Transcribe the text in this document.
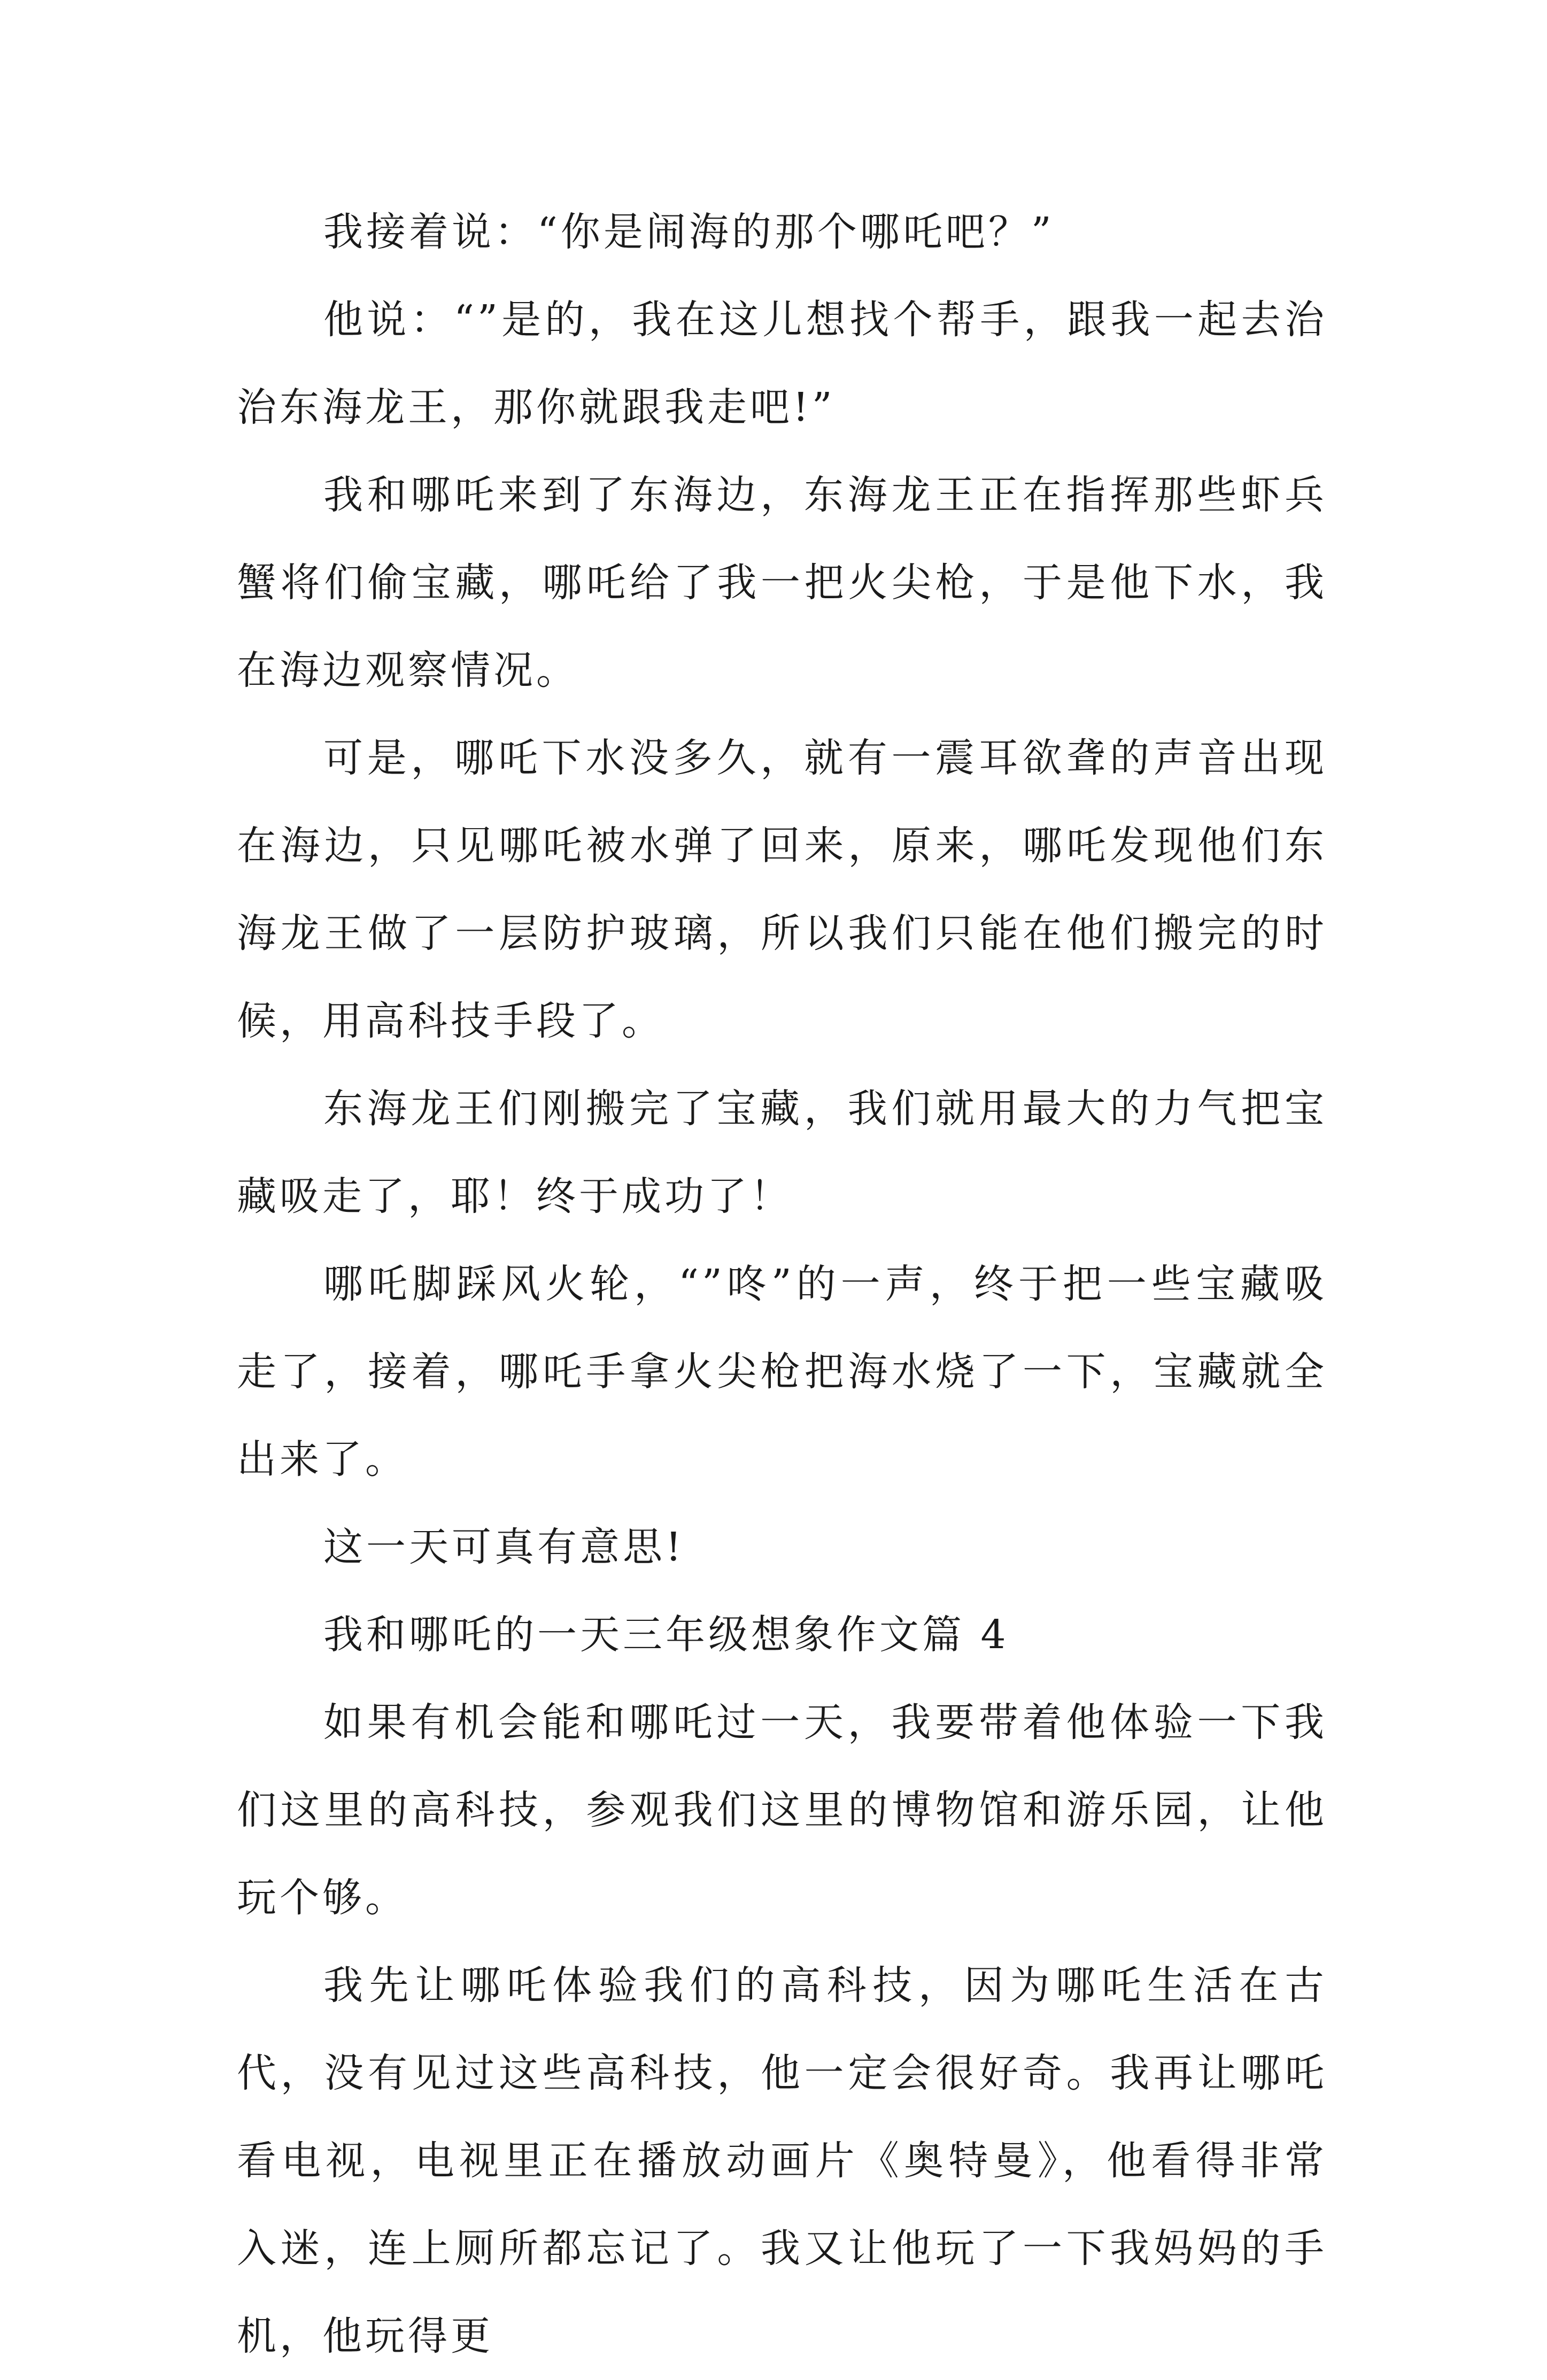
我接着说：“你是闹海的那个哪吒吧？”

他说：“”是的，我在这儿想找个帮手，跟我一起去治治东海龙王，那你就跟我走吧!”

我和哪吒来到了东海边，东海龙王正在指挥那些虾兵蟹将们偷宝藏，哪吒给了我一把火尖枪，于是他下水，我在海边观察情况。

可是，哪吒下水没多久，就有一震耳欲聋的声音出现在海边，只见哪吒被水弹了回来，原来，哪吒发现他们东海龙王做了一层防护玻璃，所以我们只能在他们搬完的时候，用高科技手段了。

东海龙王们刚搬完了宝藏，我们就用最大的力气把宝藏吸走了，耶！终于成功了！

哪吒脚踩风火轮，“”咚”的一声，终于把一些宝藏吸走了，接着，哪吒手拿火尖枪把海水烧了一下，宝藏就全出来了。

这一天可真有意思!

我和哪吒的一天三年级想象作文篇 4

如果有机会能和哪吒过一天，我要带着他体验一下我们这里的高科技，参观我们这里的博物馆和游乐园，让他玩个够。

我先让哪吒体验我们的高科技，因为哪吒生活在古代，没有见过这些高科技，他一定会很好奇。我再让哪吒看电视，电视里正在播放动画片《奥特曼》，他看得非常入迷，连上厕所都忘记了。我又让他玩了一下我妈妈的手机，他玩得更
